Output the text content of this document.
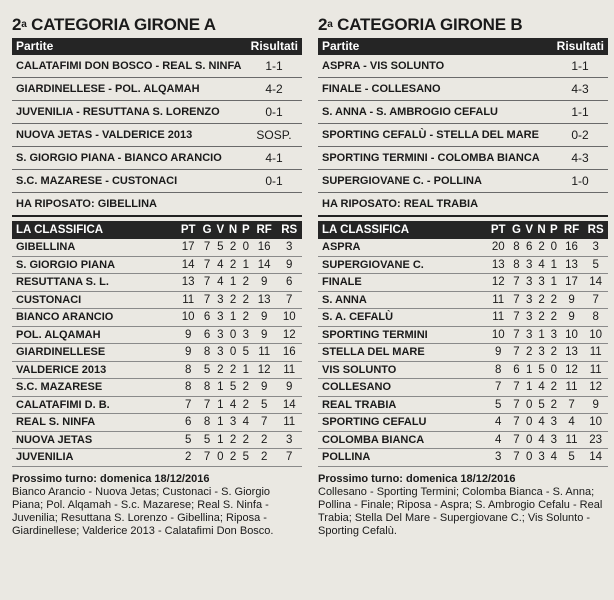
2$^a$ CATEGORIA GIRONE A
Partite	Risultati
CALATAFIMI DON BOSCO - REAL S. NINFA	1-1
GIARDINELLESE - POL. ALQAMAH	4-2
JUVENILIA - RESUTTANA S. LORENZO	0-1
NUOVA JETAS - VALDERICE 2013	SOSP.
S. GIORGIO PIANA - BIANCO ARANCIO	4-1
S.C. MAZARESE - CUSTONACI	0-1
HA RIPOSATO: GIBELLINA
LA CLASSIFICA	PT	G	V	N	P	RF	RS
GIBELLINA	17	7	5	2	0	16	3
S. GIORGIO PIANA	14	7	4	2	1	14	9
RESUTTANA S. L.	13	7	4	1	2	9	6
CUSTONACI	11	7	3	2	2	13	7
BIANCO ARANCIO	10	6	3	1	2	9	10
POL. ALQAMAH	9	6	3	0	3	9	12
GIARDINELLESE	9	8	3	0	5	11	16
VALDERICE 2013	8	5	2	2	1	12	11
S.C. MAZARESE	8	8	1	5	2	9	9
CALATAFIMI D. B.	7	7	1	4	2	5	14
REAL S. NINFA	6	8	1	3	4	7	11
NUOVA JETAS	5	5	1	2	2	2	3
JUVENILIA	2	7	0	2	5	2	7
Prossimo turno: domenica 18/12/2016
Bianco Arancio - Nuova Jetas; Custonaci - S. Giorgio Piana; Pol. Alqamah - S.c. Mazarese; Real S. Ninfa - Juvenilia; Resuttana S. Lorenzo - Gibellina; Riposa - Giardinellese; Valderice 2013 - Calatafimi Don Bosco.
2$^a$ CATEGORIA GIRONE B
Partite	Risultati
ASPRA - VIS SOLUNTO	1-1
FINALE - COLLESANO	4-3
S. ANNA - S. AMBROGIO CEFALU	1-1
SPORTING CEFALÙ - STELLA DEL MARE	0-2
SPORTING TERMINI - COLOMBA BIANCA	4-3
SUPERGIOVANE C. - POLLINA	1-0
HA RIPOSATO: REAL TRABIA
LA CLASSIFICA	PT	G	V	N	P	RF	RS
ASPRA	20	8	6	2	0	16	3
SUPERGIOVANE C.	13	8	3	4	1	13	5
FINALE	12	7	3	3	1	17	14
S. ANNA	11	7	3	2	2	9	7
S. A. CEFALÙ	11	7	3	2	2	9	8
SPORTING TERMINI	10	7	3	1	3	10	10
STELLA DEL MARE	9	7	2	3	2	13	11
VIS SOLUNTO	8	6	1	5	0	12	11
COLLESANO	7	7	1	4	2	11	12
REAL TRABIA	5	7	0	5	2	7	9
SPORTING CEFALU	4	7	0	4	3	4	10
COLOMBA BIANCA	4	7	0	4	3	11	23
POLLINA	3	7	0	3	4	5	14
Prossimo turno: domenica 18/12/2016
Collesano - Sporting Termini; Colomba Bianca - S. Anna; Pollina - Finale; Riposa - Aspra; S. Ambrogio Cefalu - Real Trabia; Stella Del Mare - Supergiovane C.; Vis Solunto - Sporting Cefalù.
